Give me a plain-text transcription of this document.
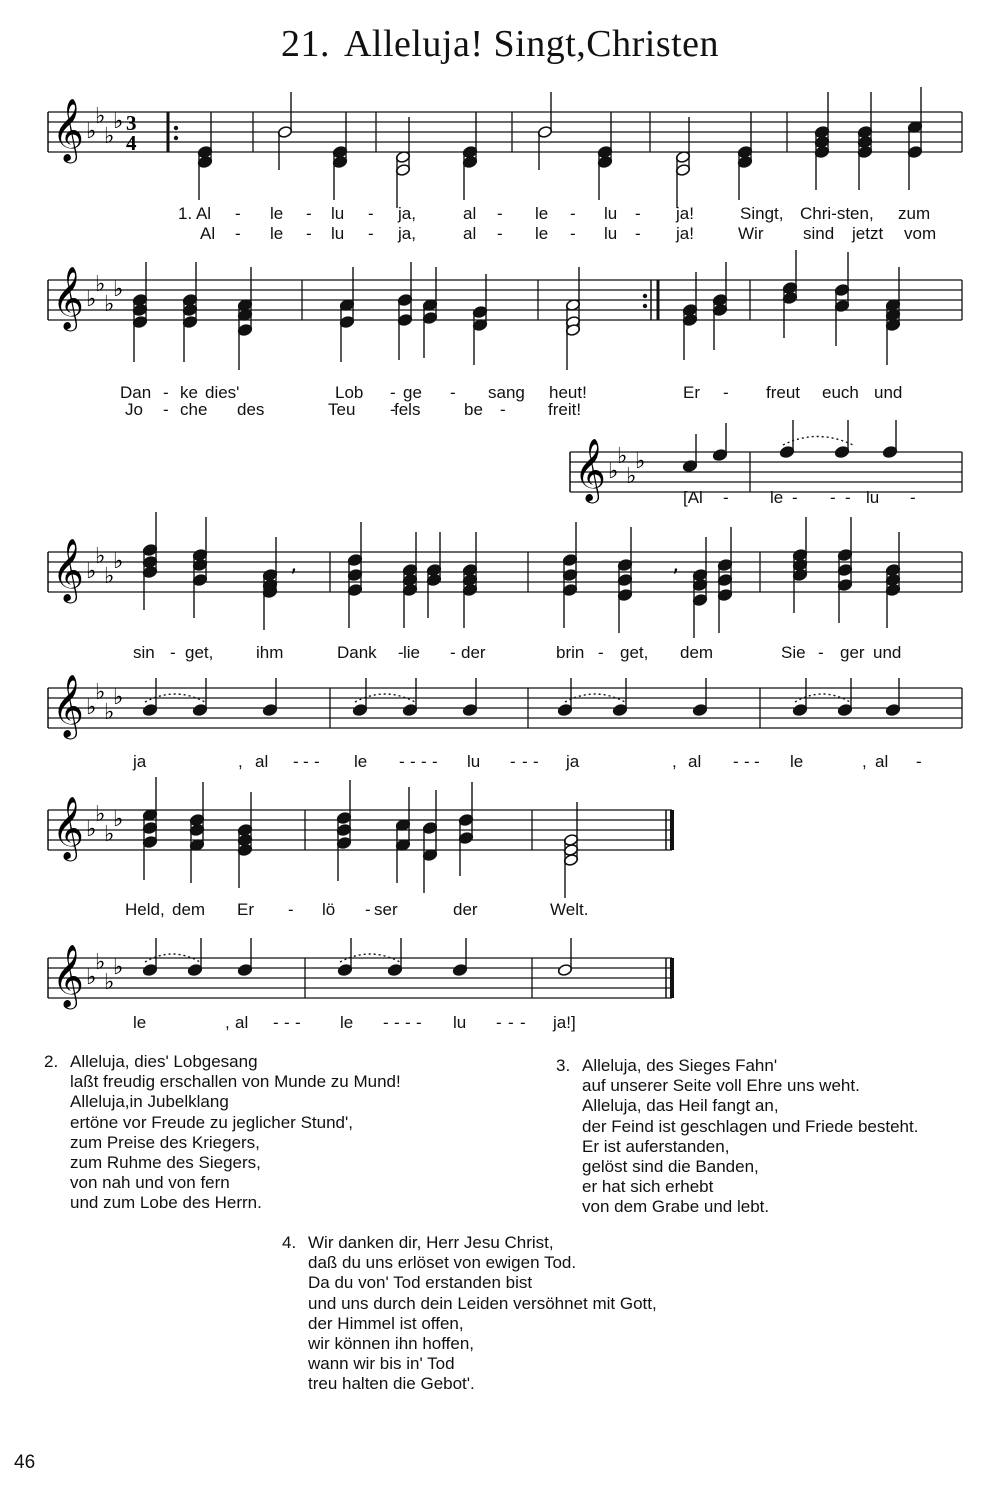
21. Alleluja! Singt,Christen
𝄞 ♭
♭
♭
♭ 3
4
𝄞 ♭
♭
♭
♭
𝄞 ♭
♭
♭
♭
𝄞 ♭
♭
♭
♭
𝄞 ♭
♭
♭
♭
𝄞 ♭
♭
♭
♭
𝄞 ♭
♭
♭
♭
’	’
1. Al - le - lu - ja,	al - le - lu - ja!	Singt, Chri-sten, zum
Al - le - lu - ja,	al - le - lu - ja!	Wir sind jetzt vom
Dan - ke dies'	Lob - ge - sang heut!	Er - freut euch und
Jo - che des	Teu -
fels	be - freit!
[Al - le - - - lu -
sin - get,	ihm	Dank - lie - der	brin - get, dem	Sie - ger und
ja	, al - - - le - - - - lu - - - ja	, al - - - le	, al -
Held, dem Er - lö - ser	der	Welt.
le	, al - - - le - - - - lu - - - ja!]

2.

Alleluja, dies' Lobgesang
laßt freudig erschallen von Munde zu Mund!
Alleluja,in Jubelklang
ertöne vor Freude zu jeglicher Stund',
zum Preise des Kriegers,
zum Ruhme des Siegers,
von nah und von fern
und zum Lobe des Herrn.

3.

Alleluja, des Sieges Fahn'
auf unserer Seite voll Ehre uns weht.
Alleluja, das Heil fangt an,
der Feind ist geschlagen und Friede besteht.
Er ist auferstanden,
gelöst sind die Banden,
er hat sich erhebt
von dem Grabe und lebt.

4.

Wir danken dir, Herr Jesu Christ,
daß du uns erlöset von ewigen Tod.
Da du von' Tod erstanden bist
und uns durch dein Leiden versöhnet mit Gott,
der Himmel ist offen,
wir können ihn hoffen,
wann wir bis in' Tod
treu halten die Gebot'.

46
